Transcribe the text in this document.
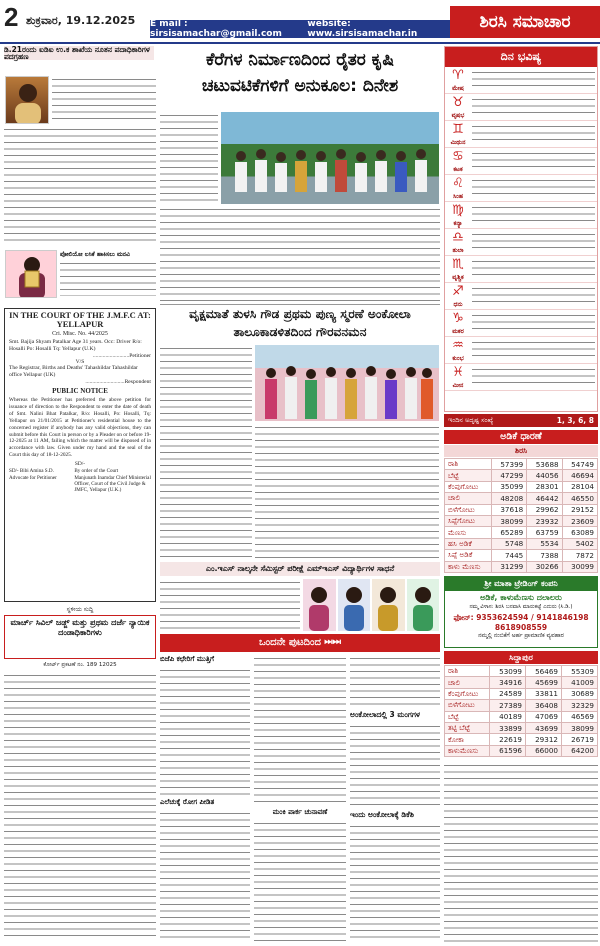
2 ಶುಕ್ರವಾರ, 19.12.2025 E mail : sirsisamachar@gmail.com
website: www.sirsisamachar.in
ಶಿರಸಿ ಸಮಾಚಾರ
ಡಿ.21ರಂದು ಐಡಿಐ ಉ.ಕ ಶಾಖೆಯ ನೂತನ ಪದಾಧಿಕಾರಿಗಳ ಪದಗ್ರಹಣ
ಪೋಲಿಯೋ ಲಸಿಕೆ ಹಾಕಿಸಲು ಮನವಿ
IN THE COURT OF THE J.M.F.C AT: YELLAPUR
Cri. Misc. No. 44/2025
Smt. Bajija Shyam Patalkar Age 31 years. Occ: Driver R/o: Hosalli Po: Hosalli Tq: Yellapur (U.K)
..........................Petitioner
V/S
The Registrar, Births and Deaths' Tahashildar Tahashildar office Yellapur (UK)
............................Respondent
PUBLIC NOTICE
Whereas the Petitioner has preferred the above petition for issuance of direction to the Respondent to enter the date of death of Smt. Nalini Bhat Patalkar, R/o: Hosalli, Po: Hosalli, Tq: Yellapur on 21/01/2015 at Petitioner's residential house to the concerned register if anybody has any valid objections, they can submit before this Court in person or by a Pleader on or before 19-12-2025 at 11 AM, failing which the matter will be disposed of in accordance with law. Given under my hand and the seal of the Court this day of 18-12-2025.
SD/-
SD/- Bibi Amina S.D. Advocate for Petitioner
By order of the Court
Manjunath Inamdar Chief Ministerial Officer, Court of the Civil Judge & JMFC, Yellapur (U.K.)
ಸ್ಥಳೀಯ ಸುದ್ದಿ
ಮಾರ್ಚ್ ಸಿವಿಲ್ ಜಡ್ಜ್ ಮತ್ತು ಪ್ರಥಮ ದರ್ಜೆ ನ್ಯಾಯಿಕ ದಂಡಾಧಿಕಾರಿಗಳು
ಕೋರ್ಟ್ ಪ್ರಕಟಣೆ ನಂ. 189 12025
ಕೆರೆಗಳ ನಿರ್ಮಾಣದಿಂದ ರೈತರ ಕೃಷಿ ಚಟುವಟಿಕೆಗಳಿಗೆ ಅನುಕೂಲ: ದಿನೇಶ
ವೃಕ್ಷಮಾತೆ ತುಳಸಿ ಗೌಡ ಪ್ರಥಮ ಪುಣ್ಯ ಸ್ಮರಣೆ ಅಂಕೋಲಾ ತಾಲೂಕಾಡಳಿತದಿಂದ ಗೌರವನಮನ
ಎಂ.ಇಎಸ್ ನಾಲ್ಕನೇ ಸೆಮಿಸ್ಟರ್ ಪರೀಕ್ಷೆ ಎಮ್ಇಎಸ್ ವಿದ್ಯಾರ್ಥಿಗಳ ಸಾಧನೆ
ಒಂದನೇ ಪುಟದಿಂದ ⏭⏭
ಬಿಜೆಪಿ ಕಛೇರಿಗೆ ಮುತ್ತಿಗೆ
ಎಲೆಚುಕ್ಕೆ ರೋಗ ಪೀಡಿತ
ಮಂಕಿ ಪಾರ್ಕ ಚುನಾವಣೆ
ಅಂಕೋಲಾದಲ್ಲಿ 3 ಮಂಗಗಳ
ಇಂದು ಅಂಕೋಲಾಕ್ಕೆ ಡಿಕೆಶಿ
ದಿನ ಭವಿಷ್ಯ
♈
ಮೇಷ
♉
ವೃಷಭ
♊
ಮಿಥುನ
♋
ಕಟಕ
♌
ಸಿಂಹ
♍
ಕನ್ಯಾ
♎
ತುಲಾ
♏
ವೃಶ್ಚಿಕ
♐
ಧನು
♑
ಮಕರ
♒
ಕುಂಭ
♓
ಮೀನ
ಇಂದಿನ ಅದೃಷ್ಟ ಸಂಖ್ಯೆ	1, 3, 6, 8
ಅಡಿಕೆ ಧಾರಣೆ
ಶಿರಸಿ
ರಾಶಿ	57399	53688	54749
ಬೆಟ್ಟೆ	47299	44056	46694
ಕೆಂಪುಗೋಟು	35099	28301	28104
ಚಾಲಿ	48208	46442	46550
ಬಿಳೆಗೋಟು	37618	29962	29152
ಸಿಪ್ಪೆಗೋಟು	38099	23932	23609
ಮೆಣಸು	65289	63759	63089
ಹಸಿ ಅಡಿಕೆ	5748	5534	5402
ಸಿಪ್ಪೆ ಅಡಿಕೆ	7445	7388	7872
ಕಾಳು ಮೆಣಸು	31299	30266	30099
ಶ್ರೀ ಮಾತಾ ಟ್ರೇಡಿಂಗ್ ಕಂಪನಿ
ಅಡಿಕೆ, ಕಾಳುಮೆಣಸು ದಲಾಲರು
ನಮ್ಮ ವಿಳಾಸ: ಶಿರಸಿ ಬನವಾಸಿ ಮಾರುಕಟ್ಟೆ ಎದುರು (ಸಿ.ಡಿ.)
ಫೋನ್: 9353624594 / 9141846198
8618908559
ನಮ್ಮಲ್ಲಿ ನಂಬಿಕೆಗೆ ಅರ್ಹ ಪ್ರಾಮಾಣಿಕ ವ್ಯವಹಾರ
ಸಿದ್ದಾಪುರ
ರಾಶಿ	53099	56469	55309
ಚಾಲಿ	34916	45699	41009
ಕೆಂಪುಗೋಟು	24589	33811	30689
ಬಿಳೆಗೋಟು	27389	36408	32329
ಬೆಟ್ಟೆ	40189	47069	46569
ತಟ್ಟಿ ಬೆಟ್ಟೆ	33899	43699	38099
ಕೋಕಾ	22619	29312	26719
ಕಾಳುಮೆಣಸು	61596	66000	64200
